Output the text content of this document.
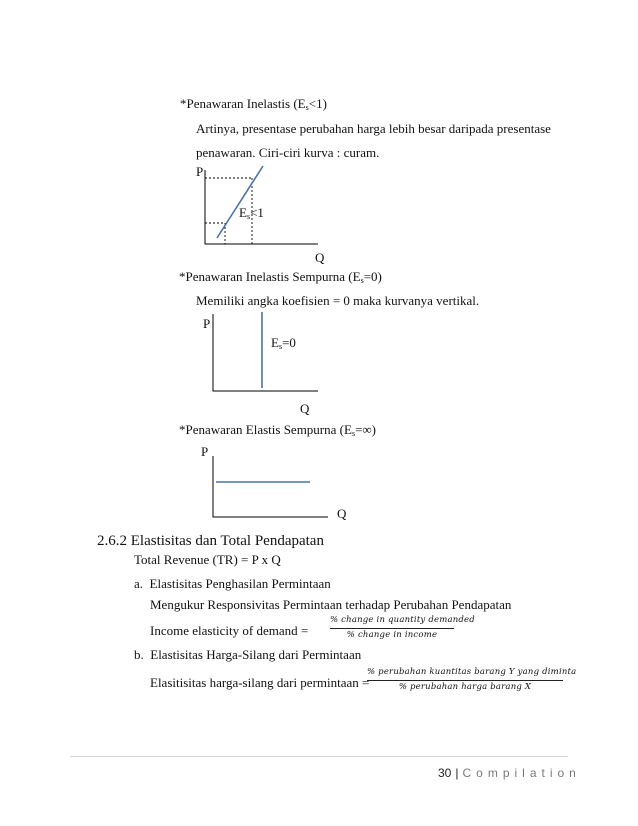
*Penawaran Inelastis $(E_s<1)$
Artinya, presentase perubahan harga lebih besar daripada presentase
penawaran. Ciri-ciri kurva : curam.
P
$E_s<1$
Q
*Penawaran Inelastis Sempurna $(E_s=0)$
Memiliki angka koefisien = 0 maka kurvanya vertikal.
P
$E_s=0$
Q
*Penawaran Elastis Sempurna $(E_s=\infty)$
P
Q
2.6.2 Elastisitas dan Total Pendapatan
Total Revenue (TR) = P x Q
a.  Elastisitas Penghasilan Permintaan
Mengukur Responsivitas Permintaan terhadap Perubahan Pendapatan
Income elasticity of demand =
% change in quantity demanded
% change in income
b.  Elastisitas Harga-Silang dari Permintaan
Elasitisitas harga-silang dari permintaan =
% perubahan kuantitas barang Y yang diminta
% perubahan harga barang X
30 | Compilation
